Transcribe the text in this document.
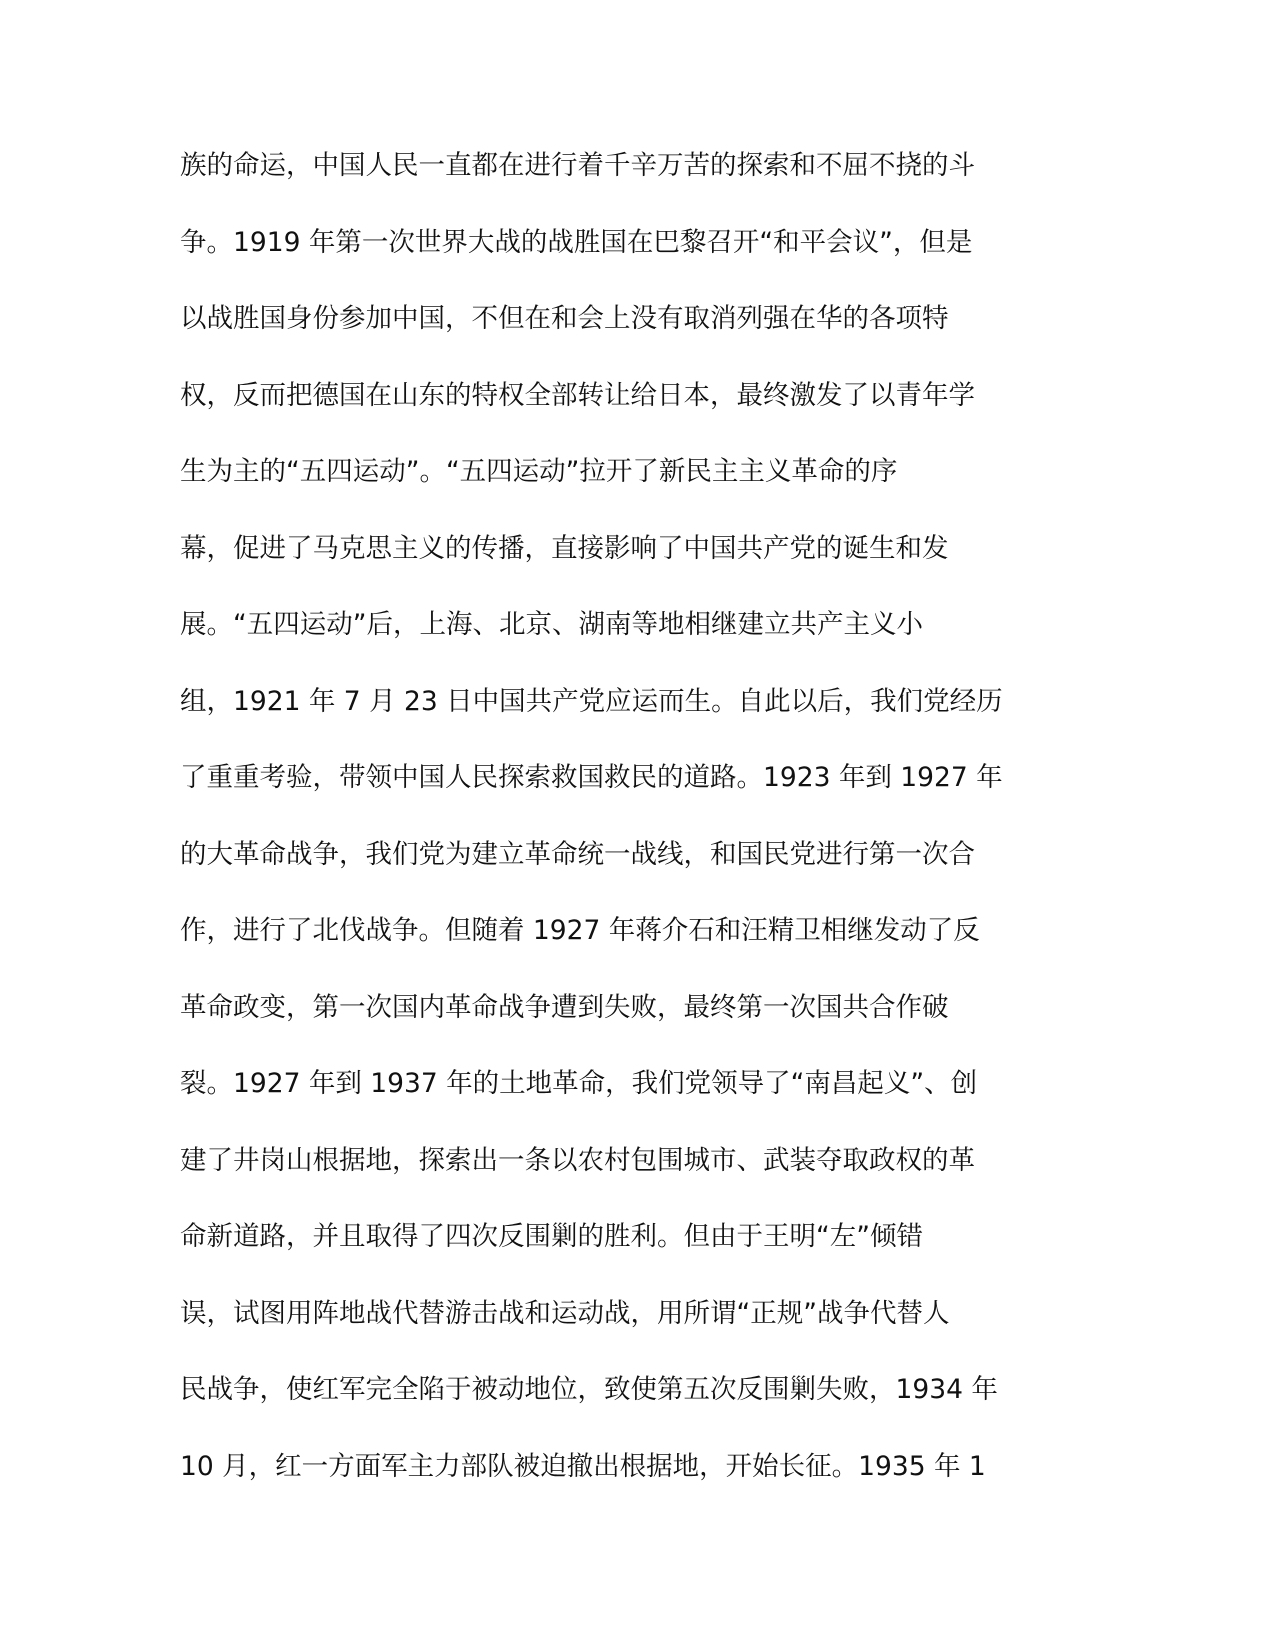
族的命运，中国人民一直都在进行着千辛万苦的探索和不屈不挠的斗
争。1919 年第一次世界大战的战胜国在巴黎召开“和平会议”，但是
以战胜国身份参加中国，不但在和会上没有取消列强在华的各项特
权，反而把德国在山东的特权全部转让给日本，最终激发了以青年学
生为主的“五四运动”。“五四运动”拉开了新民主主义革命的序
幕，促进了马克思主义的传播，直接影响了中国共产党的诞生和发
展。“五四运动”后，上海、北京、湖南等地相继建立共产主义小
组，1921 年 7 月 23 日中国共产党应运而生。自此以后，我们党经历
了重重考验，带领中国人民探索救国救民的道路。1923 年到 1927 年
的大革命战争，我们党为建立革命统一战线，和国民党进行第一次合
作，进行了北伐战争。但随着 1927 年蒋介石和汪精卫相继发动了反
革命政变，第一次国内革命战争遭到失败，最终第一次国共合作破
裂。1927 年到 1937 年的土地革命，我们党领导了“南昌起义”、创
建了井岗山根据地，探索出一条以农村包围城市、武装夺取政权的革
命新道路，并且取得了四次反围剿的胜利。但由于王明“左”倾错
误，试图用阵地战代替游击战和运动战，用所谓“正规”战争代替人
民战争，使红军完全陷于被动地位，致使第五次反围剿失败，1934 年
10 月，红一方面军主力部队被迫撤出根据地，开始长征。1935 年 1
